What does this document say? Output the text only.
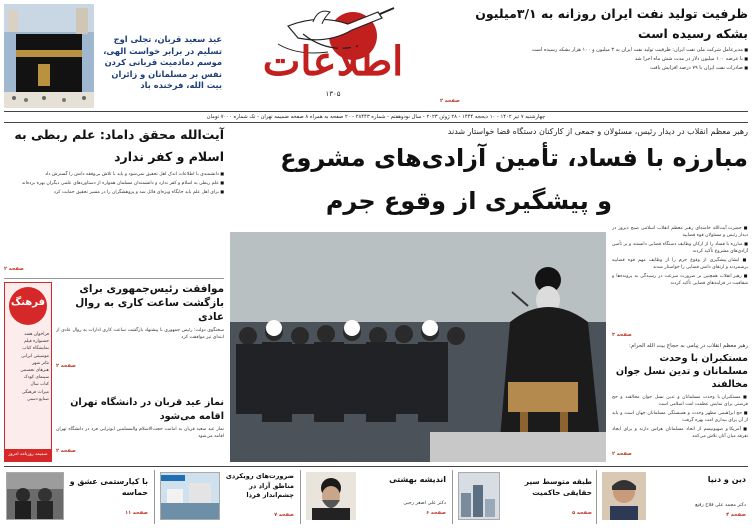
عید سعید قربان، تجلی اوج تسلیم در برابر خواست الهی، موسم دمادمیت قربانی کردن نفس بر مسلمانان و زائران بیت الله، فرخنده باد	اطلاعات
۱۳۰۵
ظرفیت تولید نفت ایران روزانه به ۳/۱میلیون بشکه رسیده است

■ مدیرعامل شرکت ملی نفت ایران: ظرفیت تولید نفت ایران به ۳ میلیون و ۱۰۰ هزار بشکه رسیده است

■ با عرضه ۱۰۰ میلیون دلار در مدت شش ماه اجرا شد

■ صادرات نفت ایران با ۷۹ درصد افزایش یافت

صفحه ۲
چهارشنبه ۷ تیر ۱۴۰۲ - ۱۰ ذیحجه ۱۴۴۴ - ۲۸ ژوئن ۲۰۲۳ - سال نودوهفتم - شماره ۲۸۴۴۳ - ۲۰ صفحه به همراه ۸ صفحه ضمیمه تهران - تک شماره ۷۰۰۰ تومان
رهبر معظم انقلاب در دیدار رئیس، مسئولان و جمعی از کارکنان دستگاه قضا خواستار شدند
مبارزه با فساد، تأمین آزادی‌های مشروع
و پیشگیری از وقوع جرم

■ حضرت آیت‌الله خامنه‌ای رهبر معظم انقلاب اسلامی صبح دیروز در دیدار رئیس و مسئولان قوه قضاییه

■ مبارزه با فساد را از ارکان وظایف دستگاه قضایی دانستند و بر تأمین آزادی‌های مشروع تأکید کردند

■ ایشان پیشگیری از وقوع جرم را از وظایف مهم قوه قضاییه برشمردند و ارتقای دانش قضایی را خواستار شدند

■ رهبر انقلاب همچنین بر ضرورت سرعت در رسیدگی به پرونده‌ها و شفافیت در فرایندهای قضایی تأکید کردند

صفحه ۳
رهبر معظم انقلاب در پیامی به حجاج بیت الله الحرام:
مستکبران با وحدت مسلمانان و تدین نسل جوان مخالفند

■ مستکبران با وحدت مسلمانان و تدین نسل جوان مخالفند و حج فرصتی برای نمایش عظمت امت اسلامی است

■ حج ابراهیمی مظهر وحدت و همبستگی مسلمانان جهان است و باید از آن برای بیداری امت بهره گرفت

■ آمریکا و صهیونیسم از اتحاد مسلمانان هراس دارند و برای ایجاد تفرقه میان آنان تلاش می‌کنند

صفحه ۲
آیت‌الله محقق داماد: علم ربطی به اسلام و کفر ندارد

■ دانشمندی با اطلاعات اندک اهل تحقیق نمی‌شود و باید با تلاش بی‌وقفه دانش را گسترش داد

■ علم ربطی به اسلام و کفر ندارد و دانشمندان مسلمان همواره از دستاوردهای علمی دیگران بهره برده‌اند

■ برای اهل علم باید جایگاه ویژه‌ای قائل شد و پژوهشگران را در مسیر تحقیق حمایت کرد

صفحه ۲
موافقت رئیس‌جمهوری برای بازگشت ساعت کاری به روال عادی
سخنگوی دولت: رئیس جمهوری با پیشنهاد بازگشت ساعت کاری ادارات به روال عادی از ابتدای تیر موافقت کرد
صفحه ۲
نماز عید قربان در دانشگاه تهران اقامه می‌شود
نماز عید سعید قربان به امامت حجت‌الاسلام والمسلمین ابوترابی فرد در دانشگاه تهران اقامه می‌شود
صفحه ۲
فرهنگ
فراخوان هفته
جشنواره فیلم
نمایشگاه کتاب
موسیقی ایرانی
تئاتر شهر
هنرهای تجسمی
سینمای کودک
کتاب سال
میراث فرهنگی
صنایع دستی
ضمیمه روزنامه امروز
دین و دنیا
دکتر محمد علی فلاح رفیع
صفحه ۴
طبقه متوسط سیر حقایقی حاکمیت
صفحه ۵
اندیشه بهشتی
دکتر علی اصغر رجبی
صفحه ۶
ضرورت‌های رویکردی مناطق آزاد در چشم‌انداز فردا
صفحه ۷
با کیارستمی عشق و حماسه
صفحه ۱۱
